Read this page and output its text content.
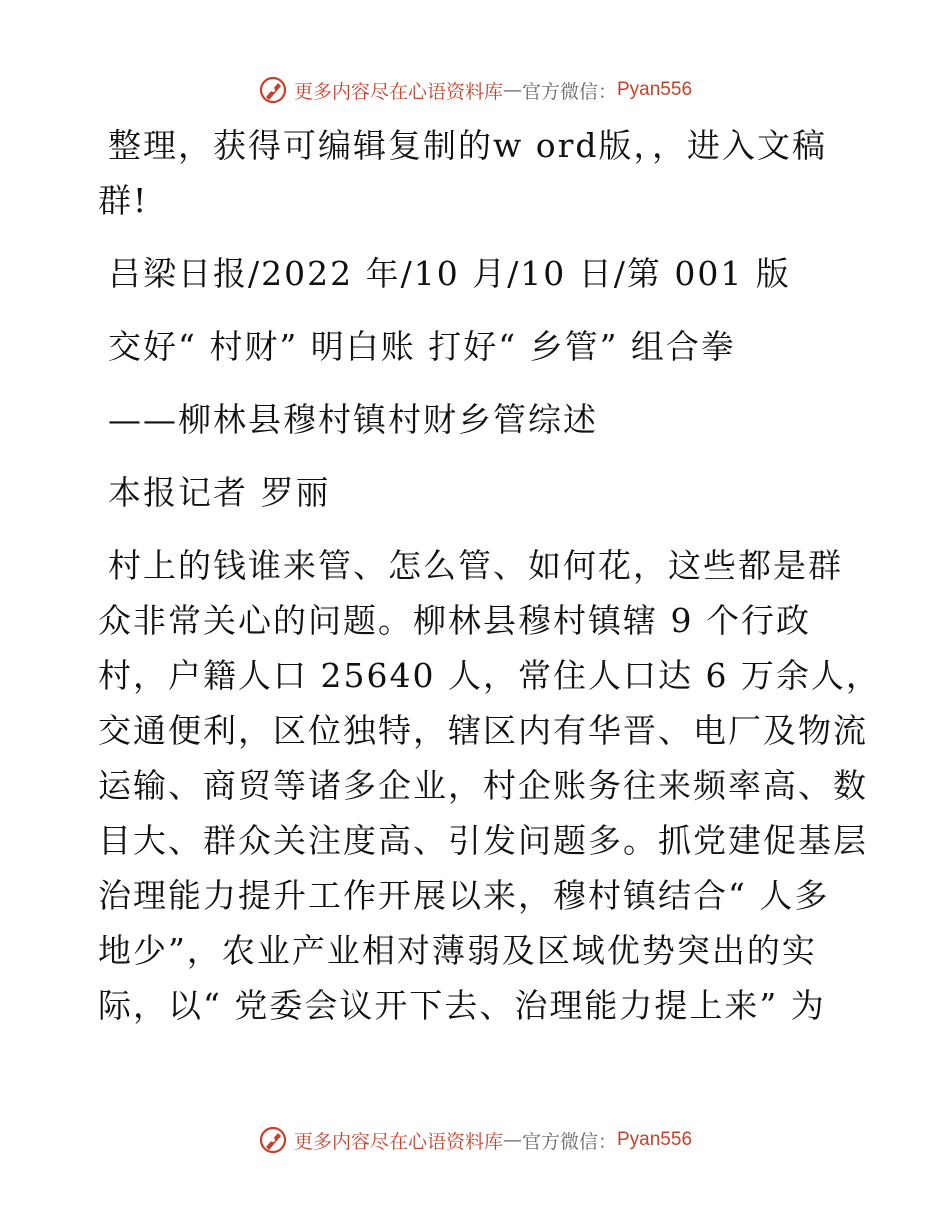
更多内容尽在心语资料库 — 官方微信： Pyan556
整理，获得可编辑复制的w ord版，，进入文稿
群!
吕梁日报/2022 年/10 月/10 日/第 001 版
交好“ 村财” 明白账 打好“ 乡管” 组合拳
——柳林县穆村镇村财乡管综述
本报记者 罗丽
村上的钱谁来管、怎么管、如何花，这些都是群
众非常关心的问题。柳林县穆村镇辖 9 个行政
村，户籍人口 25640 人，常住人口达 6 万余人，
交通便利，区位独特，辖区内有华晋、电厂及物流
运输、商贸等诸多企业，村企账务往来频率高、数
目大、群众关注度高、引发问题多。抓党建促基层
治理能力提升工作开展以来，穆村镇结合“ 人多
地少”，农业产业相对薄弱及区域优势突出的实
际，以“ 党委会议开下去、治理能力提上来” 为
更多内容尽在心语资料库 — 官方微信： Pyan556
